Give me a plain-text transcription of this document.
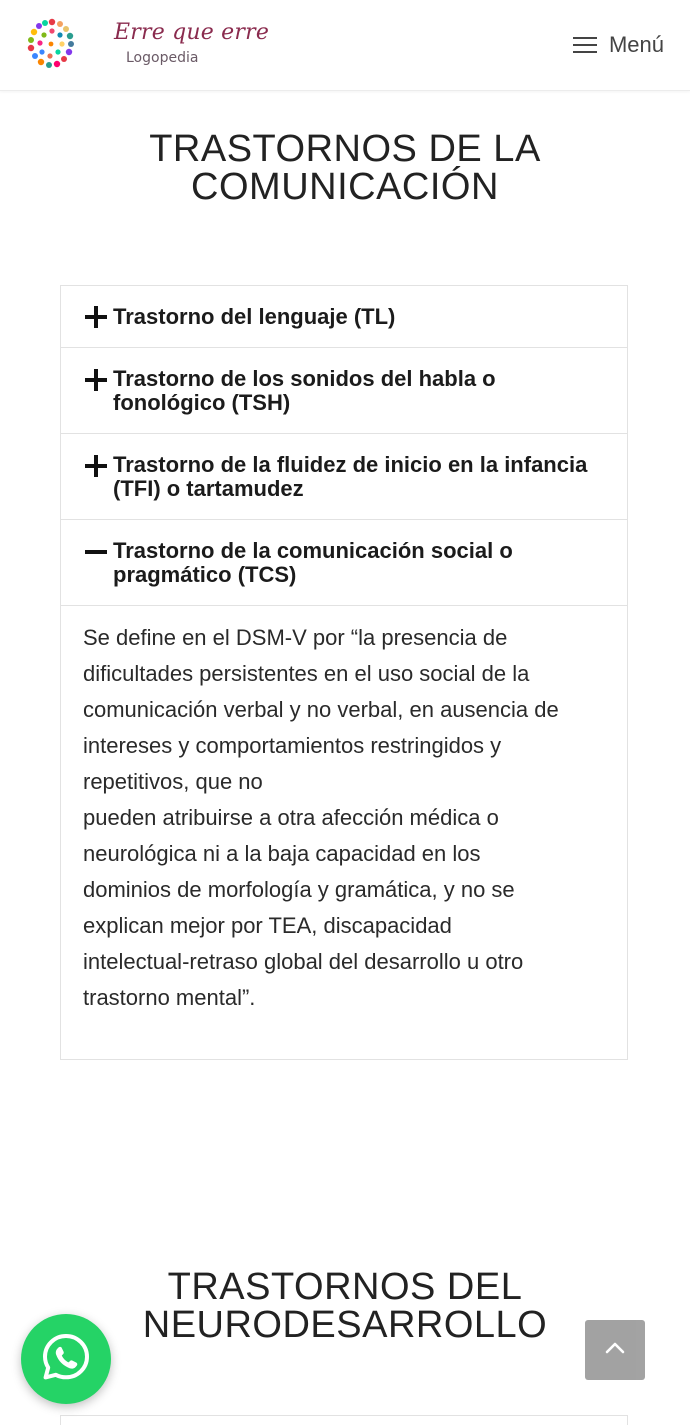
Erre que erre
Logopedia
Menú
TRASTORNOS DE LA
COMUNICACIÓN
Trastorno del lenguaje (TL)
Trastorno de los sonidos del habla o
fonológico (TSH)
Trastorno de la fluidez de inicio en la infancia
(TFI) o tartamudez
Trastorno de la comunicación social o
pragmático (TCS)

Se define en el DSM-V por “la presencia de
dificultades persistentes en el uso social de la
comunicación verbal y no verbal, en ausencia de
intereses y comportamientos restringidos y
repetitivos, que no
pueden atribuirse a otra afección médica o
neurológica ni a la baja capacidad en los
dominios de morfología y gramática, y no se
explican mejor por TEA, discapacidad
intelectual-retraso global del desarrollo u otro
trastorno mental”.

TRASTORNOS DEL
NEURODESARROLLO
